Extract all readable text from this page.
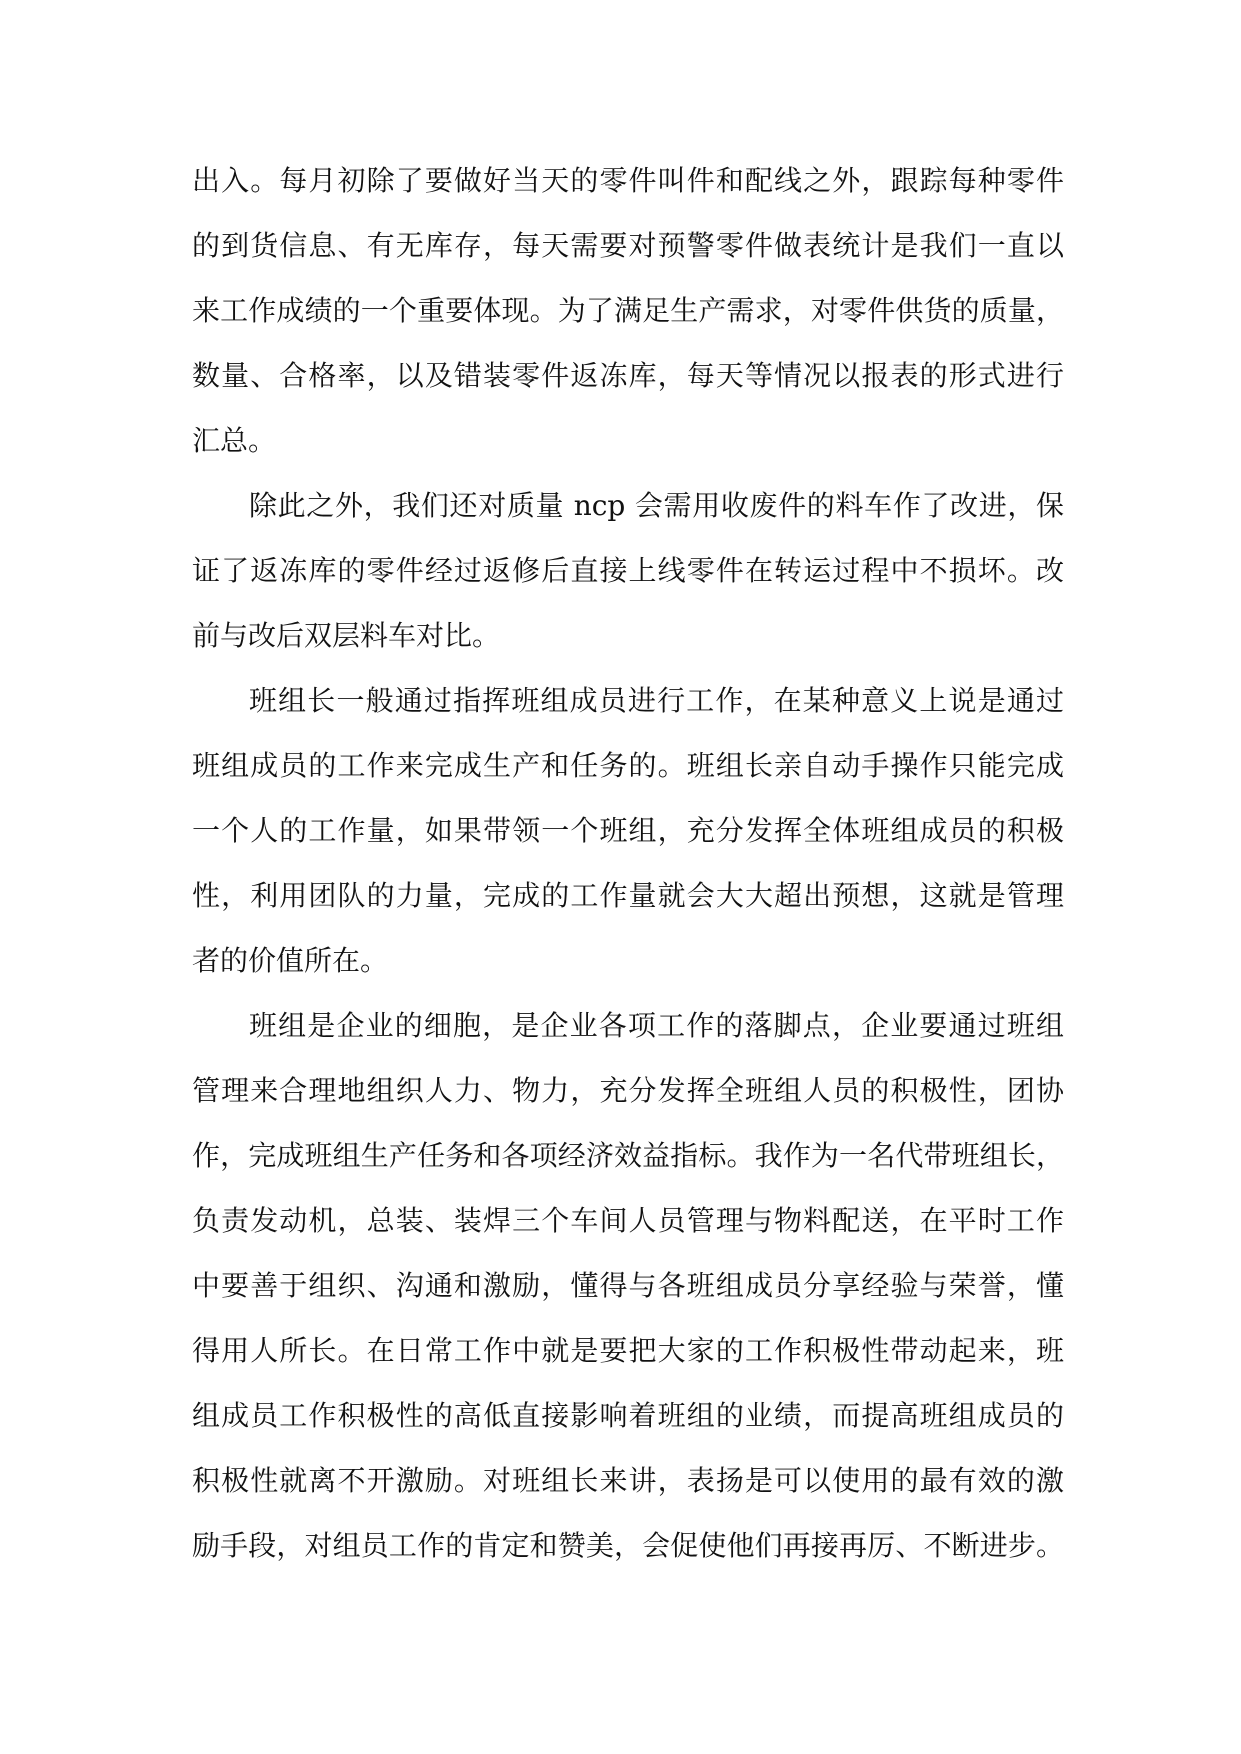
出入。每月初除了要做好当天的零件叫件和配线之外，跟踪每种零件
的到货信息、有无库存，每天需要对预警零件做表统计是我们一直以
来工作成绩的一个重要体现。为了满足生产需求，对零件供货的质量，
数量、合格率，以及错装零件返冻库，每天等情况以报表的形式进行
汇总。
除此之外，我们还对质量 ncp 会需用收废件的料车作了改进，保
证了返冻库的零件经过返修后直接上线零件在转运过程中不损坏。改
前与改后双层料车对比。
班组长一般通过指挥班组成员进行工作，在某种意义上说是通过
班组成员的工作来完成生产和任务的。班组长亲自动手操作只能完成
一个人的工作量，如果带领一个班组，充分发挥全体班组成员的积极
性，利用团队的力量，完成的工作量就会大大超出预想，这就是管理
者的价值所在。
班组是企业的细胞，是企业各项工作的落脚点，企业要通过班组
管理来合理地组织人力、物力，充分发挥全班组人员的积极性，团协
作，完成班组生产任务和各项经济效益指标。我作为一名代带班组长，
负责发动机，总装、装焊三个车间人员管理与物料配送，在平时工作
中要善于组织、沟通和激励，懂得与各班组成员分享经验与荣誉，懂
得用人所长。在日常工作中就是要把大家的工作积极性带动起来，班
组成员工作积极性的高低直接影响着班组的业绩，而提高班组成员的
积极性就离不开激励。对班组长来讲，表扬是可以使用的最有效的激
励手段，对组员工作的肯定和赞美，会促使他们再接再厉、不断进步。
